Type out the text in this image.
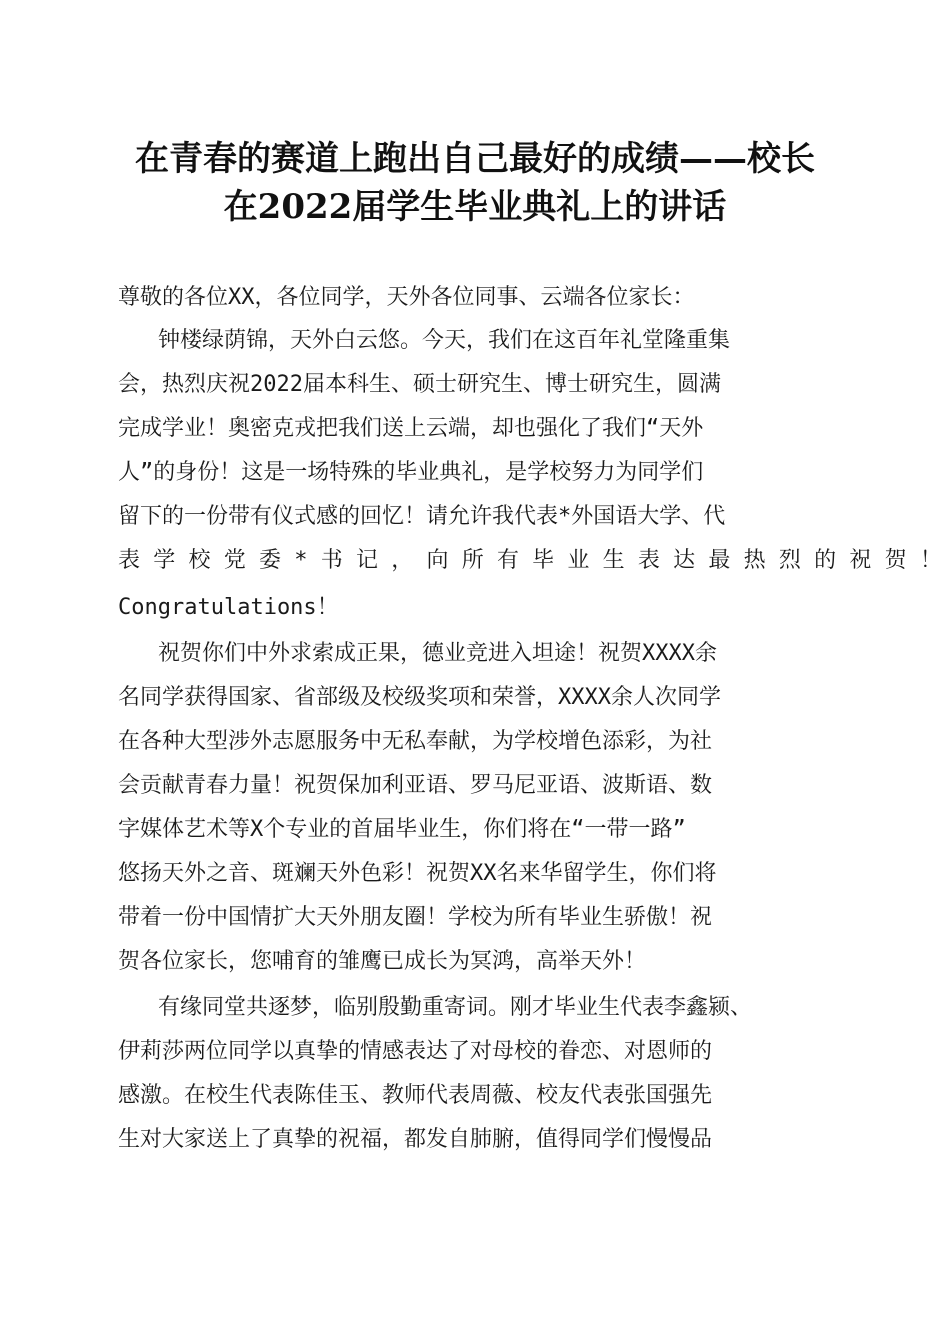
在青春的赛道上跑出自己最好的成绩——校长
在2022届学生毕业典礼上的讲话
尊敬的各位XX，各位同学，天外各位同事、云端各位家长：
钟楼绿荫锦，天外白云悠。今天，我们在这百年礼堂隆重集
会，热烈庆祝2022届本科生、硕士研究生、博士研究生，圆满
完成学业！奥密克戎把我们送上云端，却也强化了我们“天外
人”的身份！这是一场特殊的毕业典礼，是学校努力为同学们
留下的一份带有仪式感的回忆！请允许我代表*外国语大学、代
表 学 校 党 委 * 书 记 ， 向 所 有 毕 业 生 表 达 最 热 烈 的 祝 贺 ！
Congratulations！
祝贺你们中外求索成正果，德业竞进入坦途！祝贺XXXX余
名同学获得国家、省部级及校级奖项和荣誉，XXXX余人次同学
在各种大型涉外志愿服务中无私奉献，为学校增色添彩，为社
会贡献青春力量！祝贺保加利亚语、罗马尼亚语、波斯语、数
字媒体艺术等X个专业的首届毕业生，你们将在“一带一路”
悠扬天外之音、斑斓天外色彩！祝贺XX名来华留学生，你们将
带着一份中国情扩大天外朋友圈！学校为所有毕业生骄傲！祝
贺各位家长，您哺育的雏鹰已成长为冥鸿，高举天外！
有缘同堂共逐梦，临别殷勤重寄词。刚才毕业生代表李鑫颍、
伊莉莎两位同学以真挚的情感表达了对母校的眷恋、对恩师的
感激。在校生代表陈佳玉、教师代表周薇、校友代表张国强先
生对大家送上了真挚的祝福，都发自肺腑，值得同学们慢慢品
